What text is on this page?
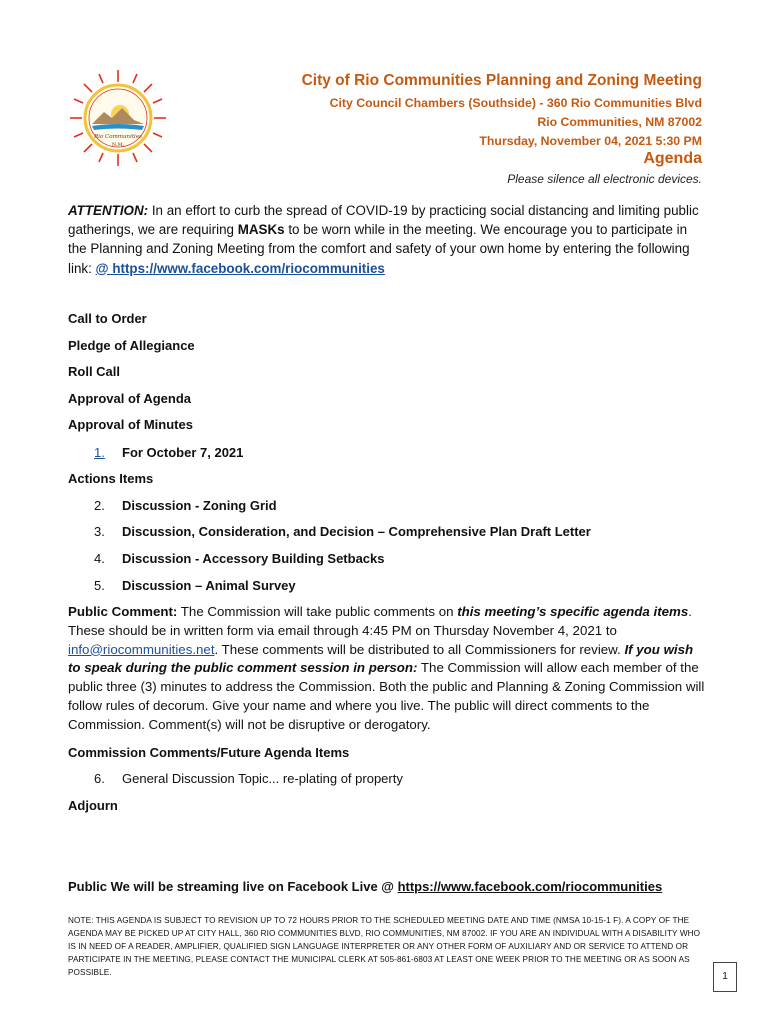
Rio Communities
N.M.
City of Rio Communities Planning and Zoning Meeting
City Council Chambers (Southside) - 360 Rio Communities Blvd
Rio Communities, NM 87002
Thursday, November 04, 2021 5:30 PM
Agenda
Please silence all electronic devices.
ATTENTION: In an effort to curb the spread of COVID-19 by practicing social distancing and limiting public gatherings, we are requiring MASKs to be worn while in the meeting. We encourage you to participate in the Planning and Zoning Meeting from the comfort and safety of your own home by entering the following link: @ https://www.facebook.com/riocommunities
Call to Order
Pledge of Allegiance
Roll Call
Approval of Agenda
Approval of Minutes
1. For October 7, 2021
Actions Items
2. Discussion - Zoning Grid
3. Discussion, Consideration, and Decision – Comprehensive Plan Draft Letter
4. Discussion - Accessory Building Setbacks
5. Discussion – Animal Survey
Public Comment: The Commission will take public comments on this meeting’s specific agenda items. These should be in written form via email through 4:45 PM on Thursday November 4, 2021 to info@riocommunities.net. These comments will be distributed to all Commissioners for review. If you wish to speak during the public comment session in person: The Commission will allow each member of the public three (3) minutes to address the Commission. Both the public and Planning & Zoning Commission will follow rules of decorum. Give your name and where you live. The public will direct comments to the Commission. Comment(s) will not be disruptive or derogatory.
Commission Comments/Future Agenda Items
6. General Discussion Topic... re-plating of property
Adjourn
Public We will be streaming live on Facebook Live @ https://www.facebook.com/riocommunities
NOTE: THIS AGENDA IS SUBJECT TO REVISION UP TO 72 HOURS PRIOR TO THE SCHEDULED MEETING DATE AND TIME (NMSA 10-15-1 F). A COPY OF THE AGENDA MAY BE PICKED UP AT CITY HALL, 360 RIO COMMUNITIES BLVD, RIO COMMUNITIES, NM 87002. IF YOU ARE AN INDIVIDUAL WITH A DISABILITY WHO IS IN NEED OF A READER, AMPLIFIER, QUALIFIED SIGN LANGUAGE INTERPRETER OR ANY OTHER FORM OF AUXILIARY AND OR SERVICE TO ATTEND OR PARTICIPATE IN THE MEETING, PLEASE CONTACT THE MUNICIPAL CLERK AT 505-861-6803 AT LEAST ONE WEEK PRIOR TO THE MEETING OR AS SOON AS POSSIBLE.	1
